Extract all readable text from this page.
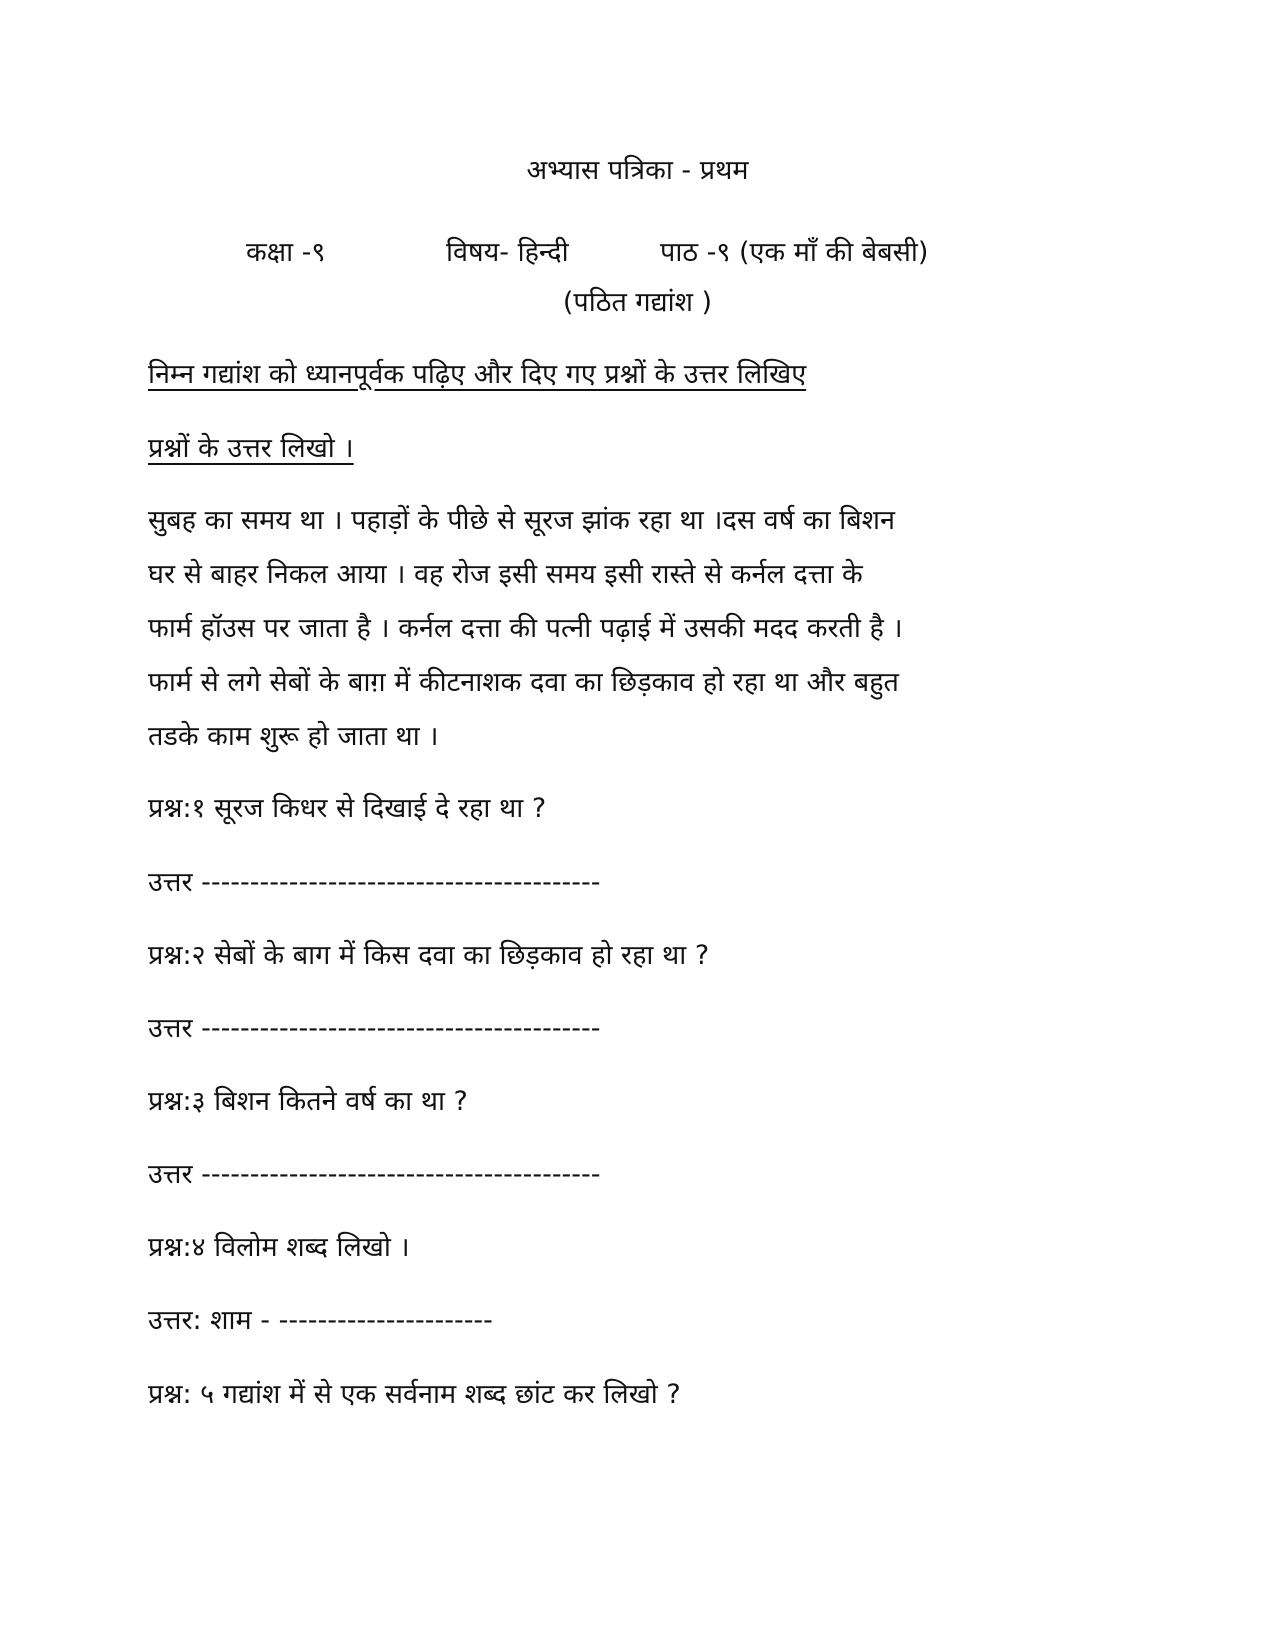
अभ्यास पत्रिका - प्रथम
कक्षा -९	विषय- हिन्दी	पाठ -९ (एक माँ की बेबसी)
(पठित गद्यांश )
निम्न गद्यांश को ध्यानपूर्वक पढ़िए और दिए गए प्रश्नों के उत्तर लिखिए
प्रश्नों के उत्तर लिखो ।
सुबह का समय था । पहाड़ों के पीछे से सूरज झांक रहा था ।दस वर्ष का बिशन
घर से बाहर निकल आया । वह रोज इसी समय इसी रास्ते से कर्नल दत्ता के
फार्म हॉउस पर जाता है । कर्नल दत्ता की पत्नी पढ़ाई में उसकी मदद करती है ।
फार्म से लगे सेबों के बाग़ में कीटनाशक दवा का छिड़काव हो रहा था और बहुत
तडके काम शुरू हो जाता था ।
प्रश्न:१ सूरज किधर से दिखाई दे रहा था ?
उत्तर -----------------------------------------
प्रश्न:२ सेबों के बाग में किस दवा का छिड़काव हो रहा था ?
उत्तर -----------------------------------------
प्रश्न:३ बिशन कितने वर्ष का था ?
उत्तर -----------------------------------------
प्रश्न:४ विलोम शब्द लिखो ।
उत्तर: शाम - ----------------------
प्रश्न: ५ गद्यांश में से एक सर्वनाम शब्द छांट कर लिखो ?
